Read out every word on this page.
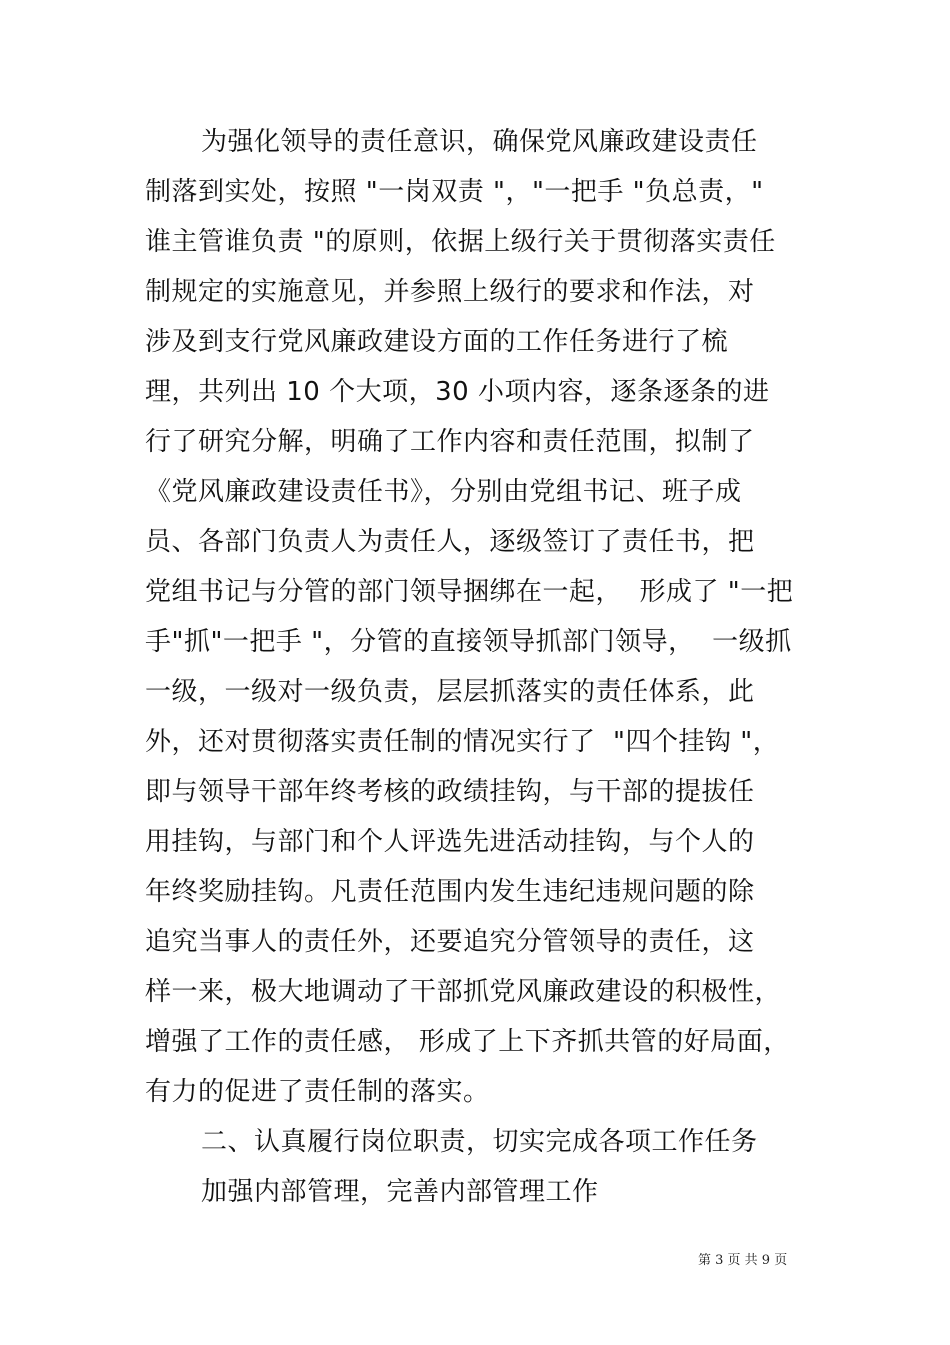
为强化领导的责任意识，确保党风廉政建设责任
制落到实处，按照 "一岗双责 "，"一把手 "负总责，"
谁主管谁负责 "的原则，依据上级行关于贯彻落实责任
制规定的实施意见，并参照上级行的要求和作法，对
涉及到支行党风廉政建设方面的工作任务进行了梳
理，共列出 10 个大项，30 小项内容，逐条逐条的进
行了研究分解，明确了工作内容和责任范围，拟制了
《党风廉政建设责任书》，分别由党组书记、班子成
员、各部门负责人为责任人，逐级签订了责任书，把
党组书记与分管的部门领导捆绑在一起，  形成了 "一把
手"抓"一把手 "，分管的直接领导抓部门领导，  一级抓
一级，一级对一级负责，层层抓落实的责任体系，此
外，还对贯彻落实责任制的情况实行了  "四个挂钩 "，
即与领导干部年终考核的政绩挂钩，与干部的提拔任
用挂钩，与部门和个人评选先进活动挂钩，与个人的
年终奖励挂钩。凡责任范围内发生违纪违规问题的除
追究当事人的责任外，还要追究分管领导的责任，这
样一来，极大地调动了干部抓党风廉政建设的积极性，
增强了工作的责任感， 形成了上下齐抓共管的好局面，
有力的促进了责任制的落实。
二、认真履行岗位职责，切实完成各项工作任务
加强内部管理，完善内部管理工作
第 3 页 共 9 页
